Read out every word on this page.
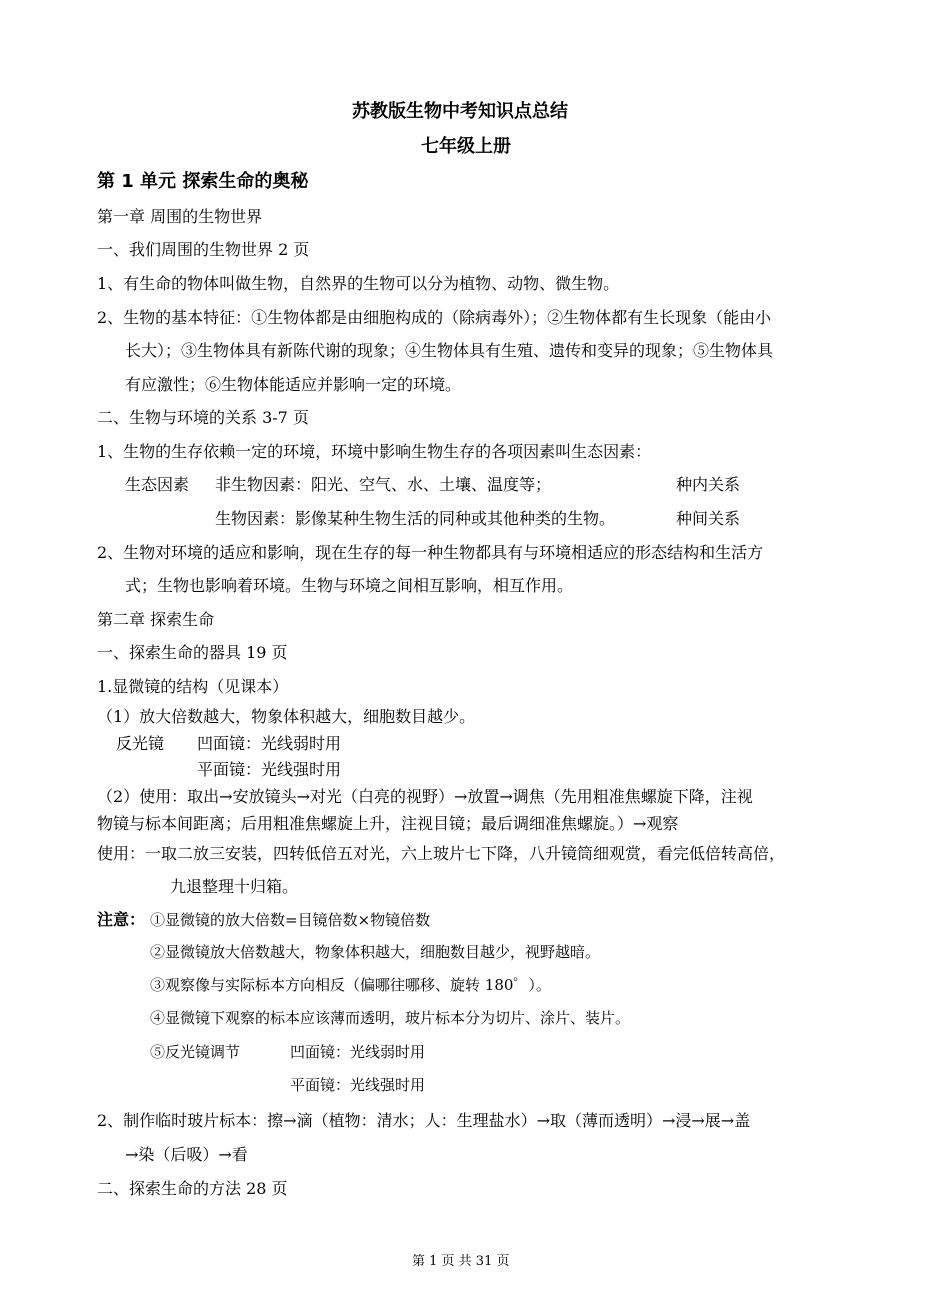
苏教版生物中考知识点总结
七年级上册
第 1 单元 探索生命的奥秘
第一章 周围的生物世界
一、我们周围的生物世界 2 页
1、有生命的物体叫做生物，自然界的生物可以分为植物、动物、微生物。
2、生物的基本特征：①生物体都是由细胞构成的（除病毒外）；②生物体都有生长现象（能由小
长大）；③生物体具有新陈代谢的现象；④生物体具有生殖、遗传和变异的现象；⑤生物体具
有应激性；⑥生物体能适应并影响一定的环境。
二、生物与环境的关系 3-7 页
1、生物的生存依赖一定的环境，环境中影响生物生存的各项因素叫生态因素：
生态因素 非生物因素：阳光、空气、水、土壤、温度等；	种内关系
生物因素：影像某种生物生活的同种或其他种类的生物。	种间关系
2、生物对环境的适应和影响，现在生存的每一种生物都具有与环境相适应的形态结构和生活方
式；生物也影响着环境。生物与环境之间相互影响，相互作用。
第二章 探索生命
一、探索生命的器具 19 页
1.显微镜的结构（见课本）
（1）放大倍数越大，物象体积越大，细胞数目越少。
反光镜 凹面镜：光线弱时用
平面镜：光线强时用
（2）使用：取出→安放镜头→对光（白亮的视野）→放置→调焦（先用粗准焦螺旋下降，注视
物镜与标本间距离；后用粗准焦螺旋上升，注视目镜；最后调细准焦螺旋。）→观察
使用：一取二放三安装，四转低倍五对光，六上玻片七下降，八升镜筒细观赏，看完低倍转高倍，
九退整理十归箱。
注意： ①显微镜的放大倍数=目镜倍数×物镜倍数
②显微镜放大倍数越大，物象体积越大，细胞数目越少，视野越暗。
③观察像与实际标本方向相反（偏哪往哪移、旋转 180゜）。
④显微镜下观察的标本应该薄而透明，玻片标本分为切片、涂片、装片。
⑤反光镜调节	凹面镜：光线弱时用
平面镜：光线强时用
2、制作临时玻片标本：擦→滴（植物：清水；人：生理盐水）→取（薄而透明）→浸→展→盖
→染（后吸）→看
二、探索生命的方法 28 页
第 1 页 共 31 页
